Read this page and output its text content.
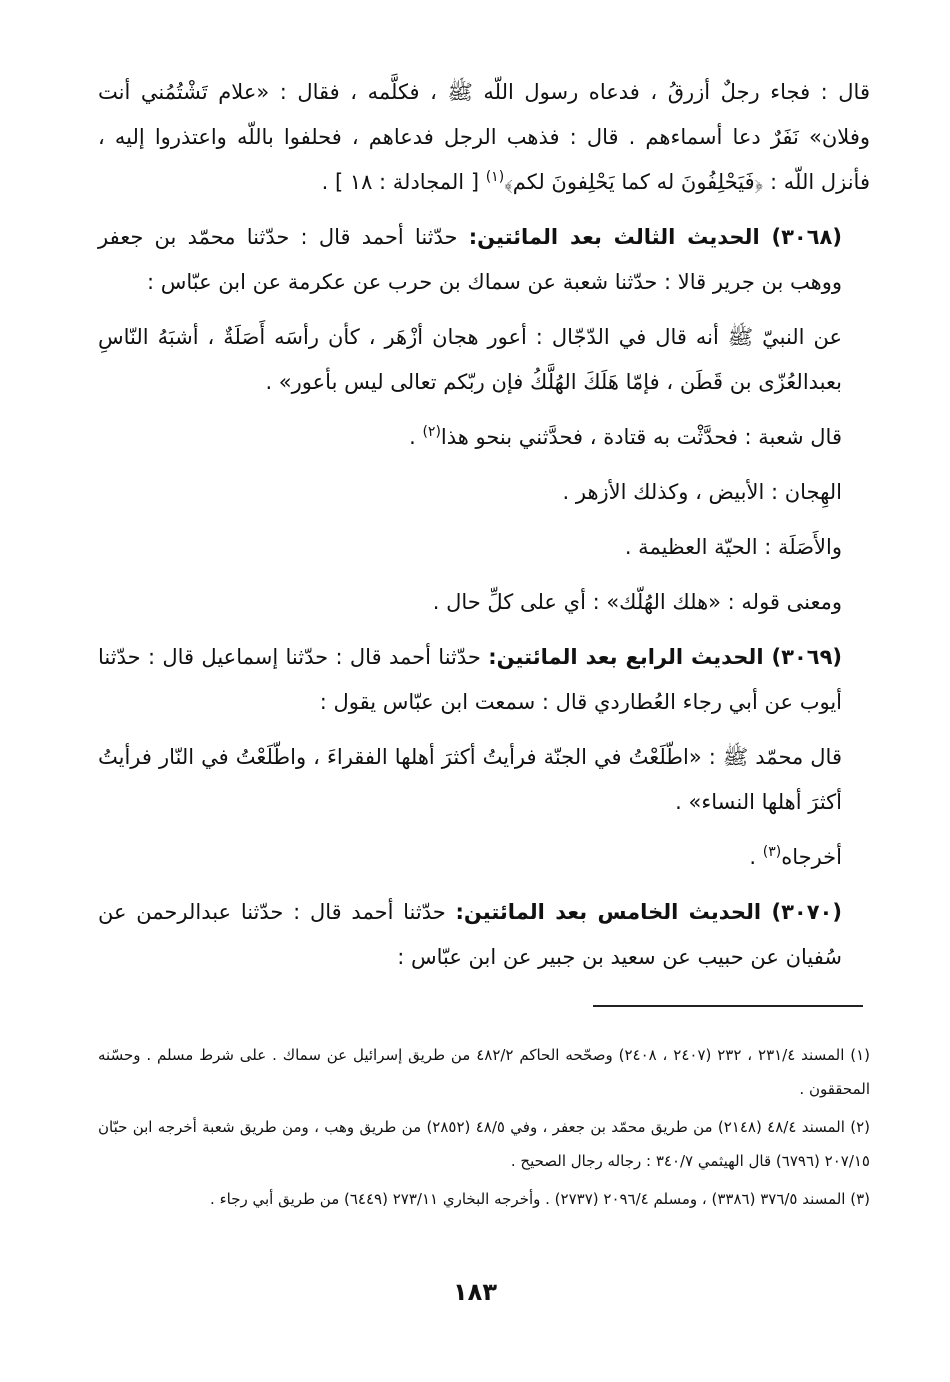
قال : فجاء رجلٌ أزرقُ ، فدعاه رسول اللّه ﷺ ، فكلَّمه ، فقال : «علام تَشْتُمُني أنت وفلان» نَفَرٌ دعا أسماءهم . قال : فذهب الرجل فدعاهم ، فحلفوا باللّه واعتذروا إليه ، فأنزل اللّه : ﴿فَيَحْلِفُونَ له كما يَحْلِفونَ لكم﴾$^{(١)}$ [ المجادلة : ١٨ ] .

(٣٠٦٨) الحديث الثالث بعد المائتين: حدّثنا أحمد قال : حدّثنا محمّد بن جعفر ووهب بن جرير قالا : حدّثنا شعبة عن سماك بن حرب عن عكرمة عن ابن عبّاس :

عن النبيّ ﷺ أنه قال في الدّجّال : أعور هجان أزْهَر ، كأن رأسَه أَصَلَةٌ ، أشبَهُ النّاسِ بعبدالعُزّى بن قَطَن ، فإمّا هَلَكَ الهُلَّكُ فإن ربّكم تعالى ليس بأعور» .

قال شعبة : فحدَّثْت به قتادة ، فحدَّثني بنحو هذا$^{(٢)}$ .

الهِجان : الأبيض ، وكذلك الأزهر .

والأَصَلَة : الحيّة العظيمة .

ومعنى قوله : «هلك الهُلّك» : أي على كلِّ حال .

(٣٠٦٩) الحديث الرابع بعد المائتين: حدّثنا أحمد قال : حدّثنا إسماعيل قال : حدّثنا أيوب عن أبي رجاء العُطاردي قال : سمعت ابن عبّاس يقول :

قال محمّد ﷺ : «اطّلَعْتُ في الجنّة فرأيتُ أكثرَ أهلها الفقراءَ ، واطّلَعْتُ في النّار فرأيتُ أكثرَ أهلها النساء» .

أخرجاه$^{(٣)}$ .

(٣٠٧٠) الحديث الخامس بعد المائتين: حدّثنا أحمد قال : حدّثنا عبدالرحمن عن سُفيان عن حبيب عن سعيد بن جبير عن ابن عبّاس :

(١) المسند ٢٣١/٤ ، ٢٣٢ (٢٤٠٧ ، ٢٤٠٨) وصحّحه الحاكم ٤٨٢/٢ من طريق إسرائيل عن سماك . على شرط مسلم . وحسّنه المحققون .

(٢) المسند ٤٨/٤ (٢١٤٨) من طريق محمّد بن جعفر ، وفي ٤٨/٥ (٢٨٥٢) من طريق وهب ، ومن طريق شعبة أخرجه ابن حبّان ٢٠٧/١٥ (٦٧٩٦) قال الهيثمي ٣٤٠/٧ : رجاله رجال الصحيح .

(٣) المسند ٣٧٦/٥ (٣٣٨٦) ، ومسلم ٢٠٩٦/٤ (٢٧٣٧) . وأخرجه البخاري ٢٧٣/١١ (٦٤٤٩) من طريق أبي رجاء .

١٨٣
